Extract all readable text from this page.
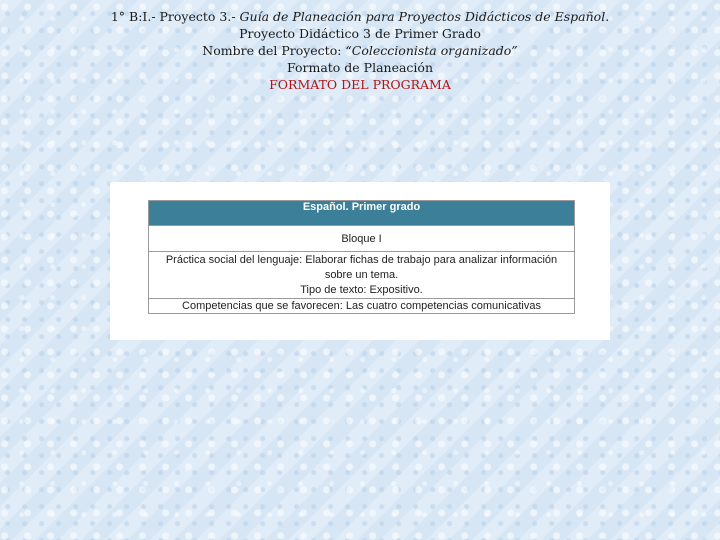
1° B:I.- Proyecto 3.- Guía de Planeación para Proyectos Didácticos de Español.
Proyecto Didáctico 3 de Primer Grado
Nombre del Proyecto: “Coleccionista organizado”
Formato de Planeación
FORMATO DEL PROGRAMA
Español. Primer grado
Bloque I

Práctica social del lenguaje: Elaborar fichas de trabajo para analizar información
sobre un tema.
Tipo de texto: Expositivo.

Competencias que se favorecen: Las cuatro competencias comunicativas
